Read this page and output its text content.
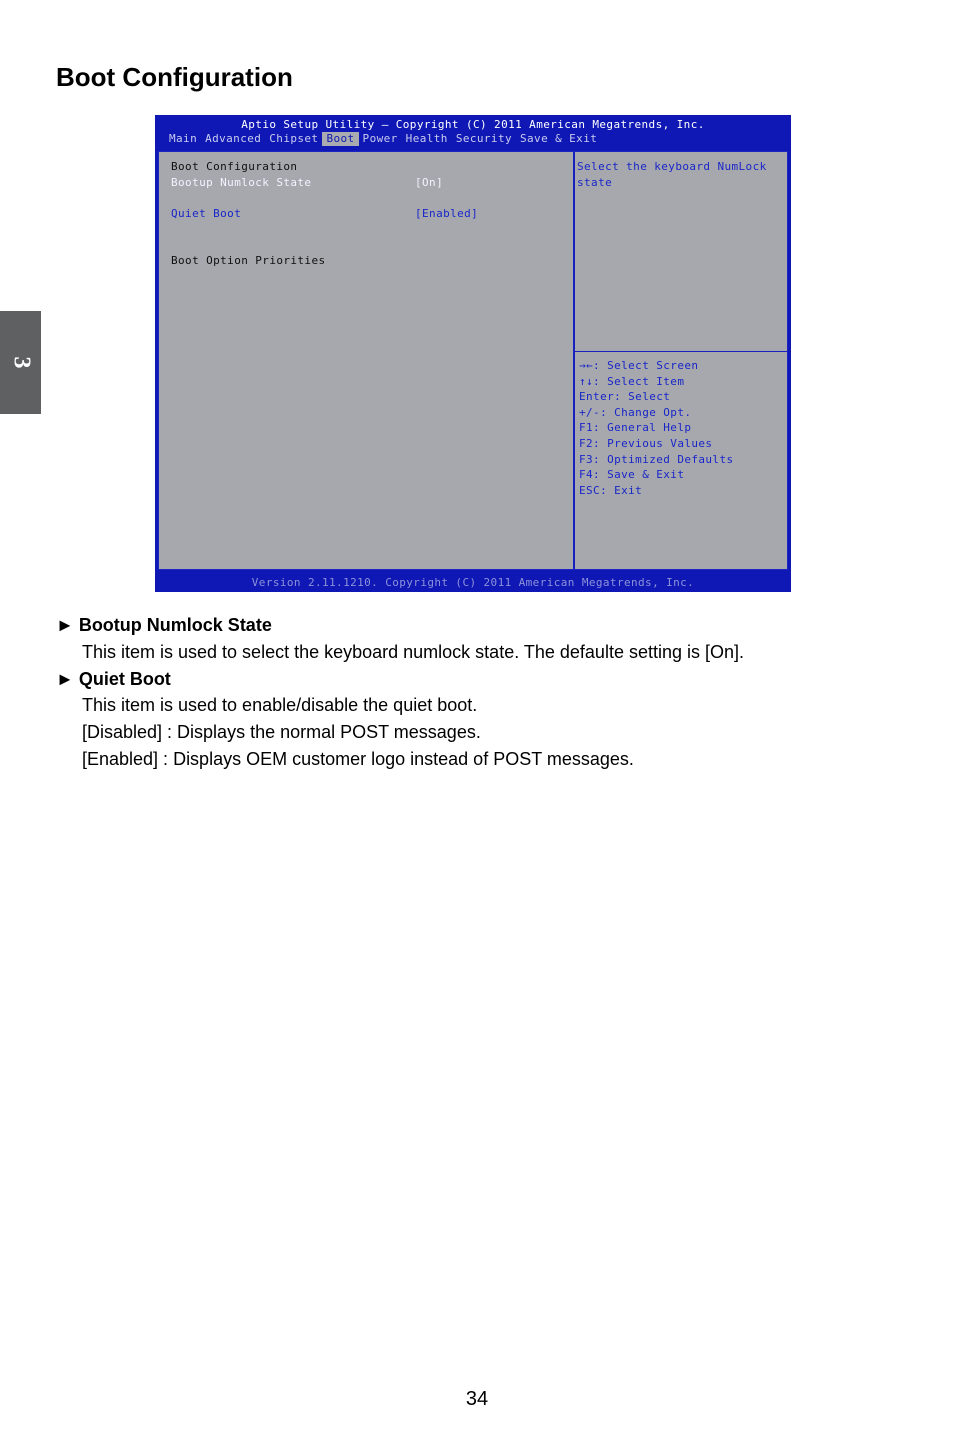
3
Boot Configuration
Aptio Setup Utility – Copyright (C) 2011 American Megatrends, Inc.
Main Advanced Chipset Boot Power Health Security Save & Exit
Boot Configuration
Bootup Numlock State	[On]
Quiet Boot	[Enabled]
Boot Option Priorities
Select the keyboard NumLock state
→←: Select Screen
↑↓: Select Item
Enter: Select
+/-: Change Opt.
F1: General Help
F2: Previous Values
F3: Optimized Defaults
F4: Save & Exit
ESC: Exit
Version 2.11.1210. Copyright (C) 2011 American Megatrends, Inc.
► Bootup Numlock State
This item is used to select the keyboard numlock state. The defaulte setting is [On].
► Quiet Boot
This item is used to enable/disable the quiet boot.
[Disabled] : Displays the normal POST messages.
[Enabled] : Displays OEM customer logo instead of POST messages.
34
